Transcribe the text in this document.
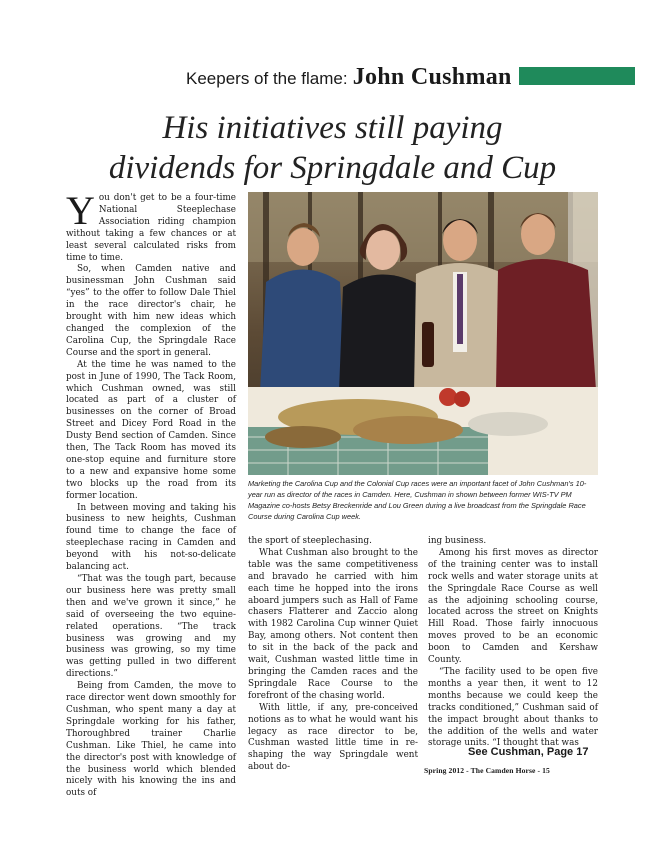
Keepers of the flame: John Cushman
His initiatives still paying
dividends for Springdale and Cup
Marketing the Carolina Cup and the Colonial Cup races were an important facet of John Cushman's 10-year run as director of the races in Camden. Here, Cushman in shown between former WIS-TV PM Magazine co-hosts Betsy Breckenride and Lou Green during a live broadcast from the Springdale Race Course during Carolina Cup week.

You don't get to be a four-time National Steeplechase Association riding champion without taking a few chances or at least several calculated risks from time to time.

So, when Camden native and businessman John Cushman said “yes” to the offer to follow Dale Thiel in the race director's chair, he brought with him new ideas which changed the complexion of the Carolina Cup, the Springdale Race Course and the sport in general.

At the time he was named to the post in June of 1990, The Tack Room, which Cushman owned, was still located as part of a cluster of businesses on the corner of Broad Street and Dicey Ford Road in the Dusty Bend section of Camden. Since then, The Tack Room has moved its one-stop equine and furniture store to a new and expansive home some two blocks up the road from its former location.

In between moving and taking his business to new heights, Cushman found time to change the face of steeplechase racing in Camden and beyond with his not-so-delicate balancing act.

“That was the tough part, because our business here was pretty small then and we've grown it since,” he said of overseeing the two equine-related operations. “The track business was growing and my business was growing, so my time was getting pulled in two different directions.”

Being from Camden, the move to race director went down smoothly for Cushman, who spent many a day at Springdale working for his father, Thoroughbred trainer Charlie Cushman. Like Thiel, he came into the director's post with knowledge of the business world which blended nicely with his knowing the ins and outs of

the sport of steeplechasing.

What Cushman also brought to the table was the same competitiveness and bravado he carried with him each time he hopped into the irons aboard jumpers such as Hall of Fame chasers Flatterer and Zaccio along with 1982 Carolina Cup winner Quiet Bay, among others. Not content then to sit in the back of the pack and wait, Cushman wasted little time in bringing the Camden races and the Springdale Race Course to the forefront of the chasing world.

With little, if any, pre-conceived notions as to what he would want his legacy as race director to be, Cushman wasted little time in re-shaping the way Springdale went about do-

ing business.

Among his first moves as director of the training center was to install rock wells and water storage units at the Springdale Race Course as well as the adjoining schooling course, located across the street on Knights Hill Road. Those fairly innocuous moves proved to be an economic boon to Camden and Kershaw County.

“The facility used to be open five months a year then, it went to 12 months because we could keep the tracks conditioned,” Cushman said of the impact brought about thanks to the addition of the wells and water storage units. “I thought that was

See Cushman, Page 17
Spring 2012 - The Camden Horse - 15
